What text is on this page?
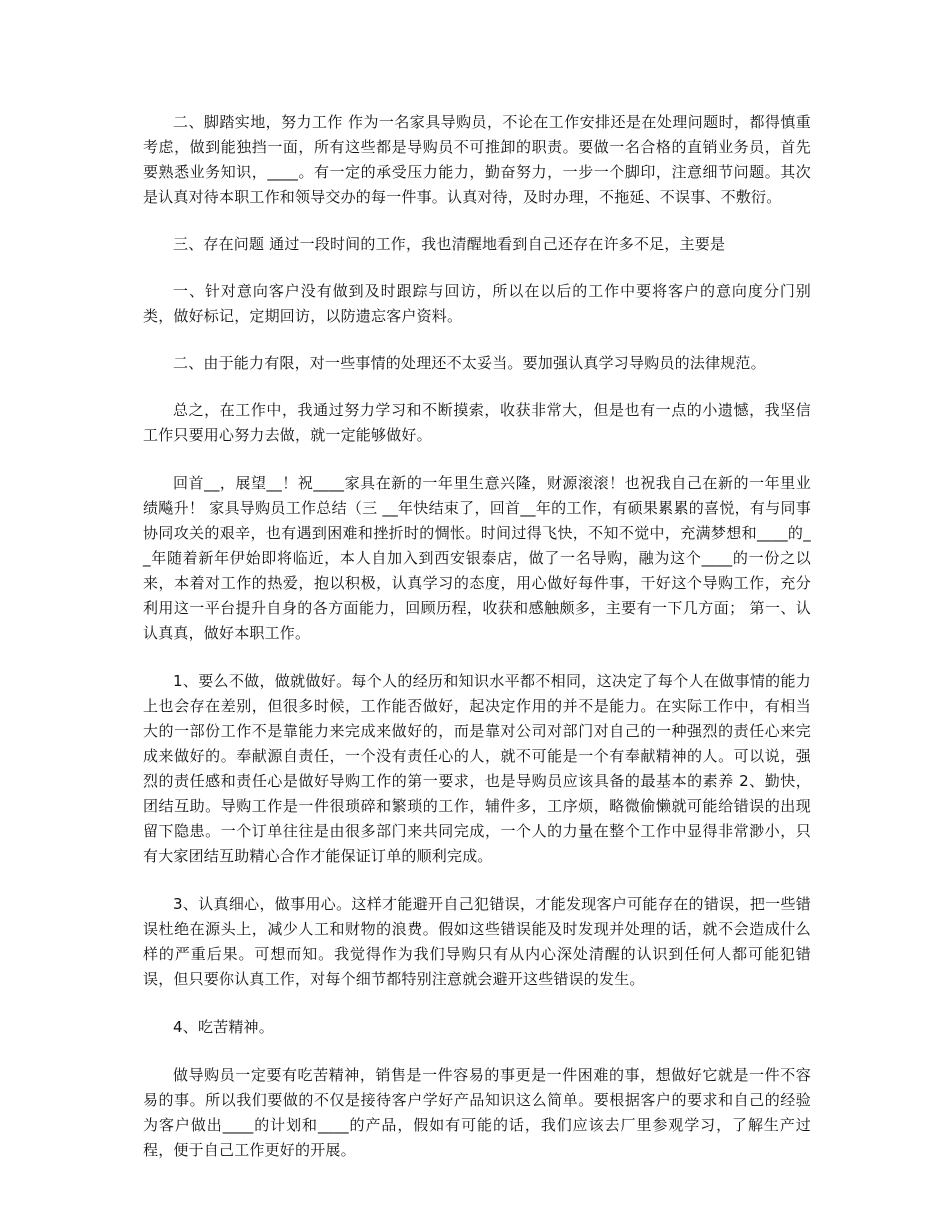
二、脚踏实地，努力工作 作为一名家具导购员，不论在工作安排还是在处理问题时，都得慎重考虑，做到能独挡一面，所有这些都是导购员不可推卸的职责。要做一名合格的直销业务员，首先要熟悉业务知识，____。有一定的承受压力能力，勤奋努力，一步一个脚印，注意细节问题。其次是认真对待本职工作和领导交办的每一件事。认真对待，及时办理，不拖延、不误事、不敷衍。

三、存在问题 通过一段时间的工作，我也清醒地看到自己还存在许多不足，主要是

一、针对意向客户没有做到及时跟踪与回访，所以在以后的工作中要将客户的意向度分门别类，做好标记，定期回访，以防遗忘客户资料。

二、由于能力有限，对一些事情的处理还不太妥当。要加强认真学习导购员的法律规范。

总之，在工作中，我通过努力学习和不断摸索，收获非常大，但是也有一点的小遗憾，我坚信工作只要用心努力去做，就一定能够做好。

回首__，展望__！祝____家具在新的一年里生意兴隆，财源滚滚！也祝我自己在新的一年里业绩飚升！ 家具导购员工作总结（三 __年快结束了，回首__年的工作，有硕果累累的喜悦，有与同事协同攻关的艰辛，也有遇到困难和挫折时的惆怅。时间过得飞快，不知不觉中，充满梦想和____的__年随着新年伊始即将临近，本人自加入到西安银泰店，做了一名导购，融为这个____的一份之以来，本着对工作的热爱，抱以积极，认真学习的态度，用心做好每件事，干好这个导购工作，充分利用这一平台提升自身的各方面能力，回顾历程，收获和感触颇多，主要有一下几方面； 第一、认认真真，做好本职工作。

1、要么不做，做就做好。每个人的经历和知识水平都不相同，这决定了每个人在做事情的能力上也会存在差别，但很多时候，工作能否做好，起决定作用的并不是能力。在实际工作中，有相当大的一部份工作不是靠能力来完成来做好的，而是靠对公司对部门对自己的一种强烈的责任心来完成来做好的。奉献源自责任，一个没有责任心的人，就不可能是一个有奉献精神的人。可以说，强烈的责任感和责任心是做好导购工作的第一要求，也是导购员应该具备的最基本的素养 2、勤快，团结互助。导购工作是一件很琐碎和繁琐的工作，辅件多，工序烦，略微偷懒就可能给错误的出现留下隐患。一个订单往往是由很多部门来共同完成，一个人的力量在整个工作中显得非常渺小，只有大家团结互助精心合作才能保证订单的顺利完成。

3、认真细心，做事用心。这样才能避开自己犯错误，才能发现客户可能存在的错误，把一些错误杜绝在源头上，减少人工和财物的浪费。假如这些错误能及时发现并处理的话，就不会造成什么样的严重后果。可想而知。我觉得作为我们导购只有从内心深处清醒的认识到任何人都可能犯错误，但只要你认真工作，对每个细节都特别注意就会避开这些错误的发生。

4、吃苦精神。

做导购员一定要有吃苦精神，销售是一件容易的事更是一件困难的事，想做好它就是一件不容易的事。所以我们要做的不仅是接待客户学好产品知识这么简单。要根据客户的要求和自己的经验为客户做出____的计划和____的产品，假如有可能的话，我们应该去厂里参观学习，了解生产过程，便于自己工作更好的开展。
